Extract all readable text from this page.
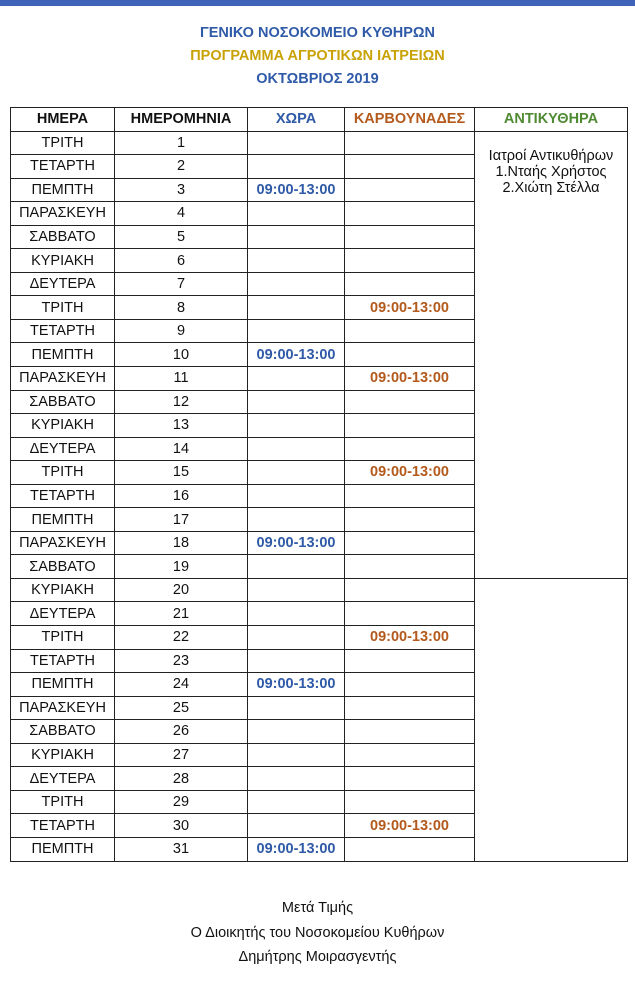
ΓΕΝΙΚΟ ΝΟΣΟΚΟΜΕΙΟ ΚΥΘΗΡΩΝ
ΠΡΟΓΡΑΜΜΑ ΑΓΡΟΤΙΚΩΝ ΙΑΤΡΕΙΩΝ
ΟΚΤΩΒΡΙΟΣ 2019
ΗΜΕΡΑ	ΗΜΕΡΟΜΗΝΙΑ	ΧΩΡΑ	ΚΑΡΒΟΥΝΑΔΕΣ	ΑΝΤΙΚΥΘΗΡΑ
ΤΡΙΤΗ	1			Ιατροί Αντικυθήρων
1.Νταής Χρήστος
2.Χιώτη Στέλλα

ΤΕΤΑΡΤΗ	2			
ΠΕΜΠΤΗ	3	09:00-13:00		
ΠΑΡΑΣΚΕΥΗ	4			
ΣΑΒΒΑΤΟ	5			
ΚΥΡΙΑΚΗ	6			
ΔΕΥΤΕΡΑ	7			
ΤΡΙΤΗ	8		09:00-13:00	
ΤΕΤΑΡΤΗ	9			
ΠΕΜΠΤΗ	10	09:00-13:00		
ΠΑΡΑΣΚΕΥΗ	11		09:00-13:00	
ΣΑΒΒΑΤΟ	12			
ΚΥΡΙΑΚΗ	13			
ΔΕΥΤΕΡΑ	14			
ΤΡΙΤΗ	15		09:00-13:00	
ΤΕΤΑΡΤΗ	16			
ΠΕΜΠΤΗ	17			
ΠΑΡΑΣΚΕΥΗ	18	09:00-13:00		
ΣΑΒΒΑΤΟ	19			
ΚΥΡΙΑΚΗ	20			
ΔΕΥΤΕΡΑ	21			
ΤΡΙΤΗ	22		09:00-13:00	
ΤΕΤΑΡΤΗ	23			
ΠΕΜΠΤΗ	24	09:00-13:00		
ΠΑΡΑΣΚΕΥΗ	25			
ΣΑΒΒΑΤΟ	26			
ΚΥΡΙΑΚΗ	27			
ΔΕΥΤΕΡΑ	28			
ΤΡΙΤΗ	29			
ΤΕΤΑΡΤΗ	30		09:00-13:00	
ΠΕΜΠΤΗ	31	09:00-13:00		
Μετά Τιμής
Ο Διοικητής του Νοσοκομείου Κυθήρων
Δημήτρης Μοιρασγεντής
